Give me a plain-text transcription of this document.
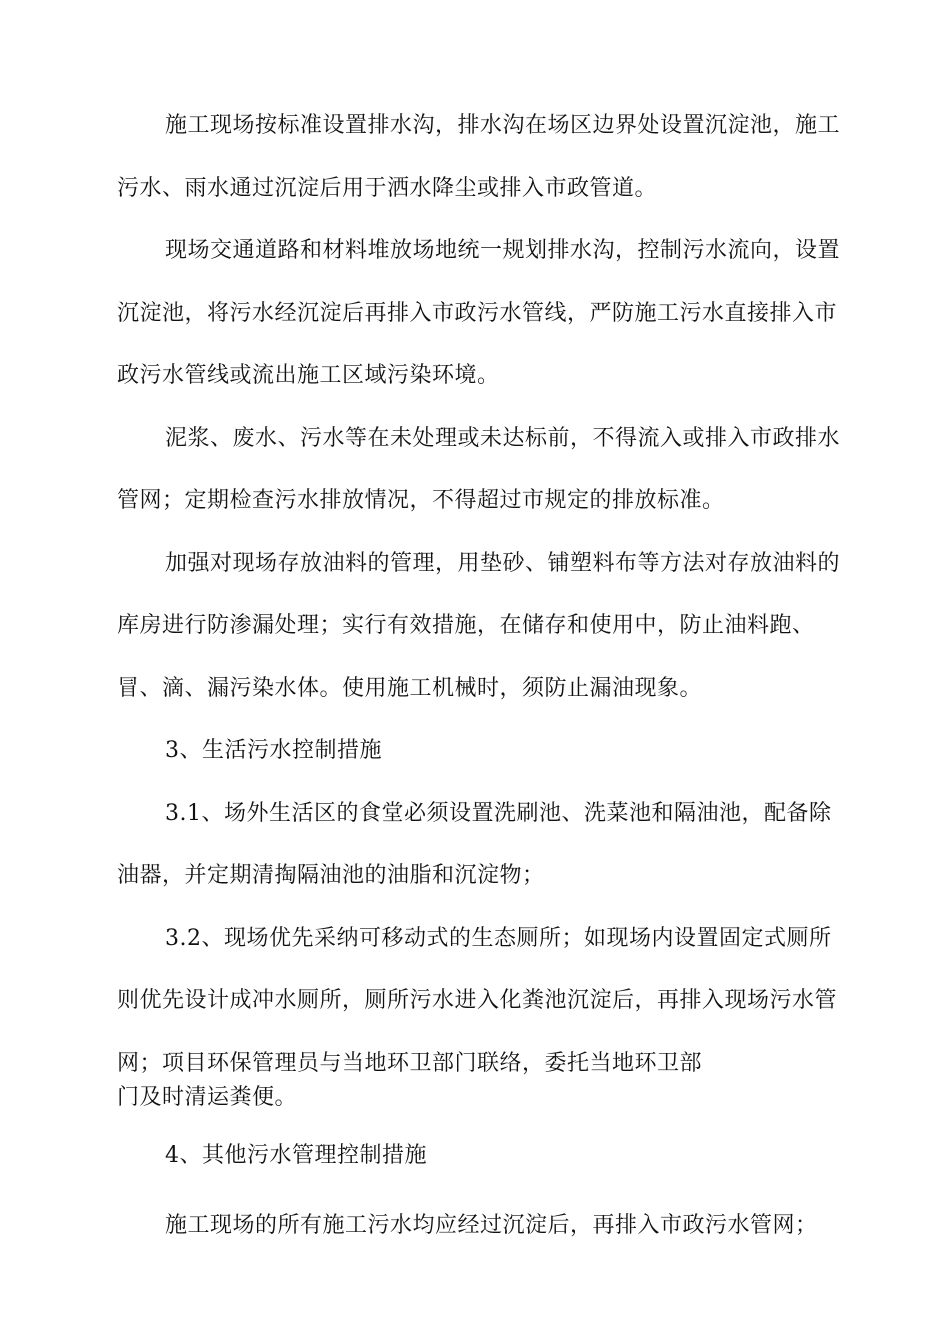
施工现场按标准设置排水沟，排水沟在场区边界处设置沉淀池，施工
污水、雨水通过沉淀后用于洒水降尘或排入市政管道。
现场交通道路和材料堆放场地统一规划排水沟，控制污水流向，设置
沉淀池，将污水经沉淀后再排入市政污水管线，严防施工污水直接排入市
政污水管线或流出施工区域污染环境。
泥浆、废水、污水等在未处理或未达标前，不得流入或排入市政排水
管网；定期检查污水排放情况，不得超过市规定的排放标准。
加强对现场存放油料的管理，用垫砂、铺塑料布等方法对存放油料的
库房进行防渗漏处理；实行有效措施，在储存和使用中，防止油料跑、
冒、滴、漏污染水体。使用施工机械时，须防止漏油现象。
3、生活污水控制措施
3.1、场外生活区的食堂必须设置洗刷池、洗菜池和隔油池，配备除
油器，并定期清掏隔油池的油脂和沉淀物；
3.2、现场优先采纳可移动式的生态厕所；如现场内设置固定式厕所
则优先设计成冲水厕所，厕所污水进入化粪池沉淀后，再排入现场污水管
网；项目环保管理员与当地环卫部门联络，委托当地环卫部
门及时清运粪便。
4、其他污水管理控制措施
施工现场的所有施工污水均应经过沉淀后，再排入市政污水管网；
